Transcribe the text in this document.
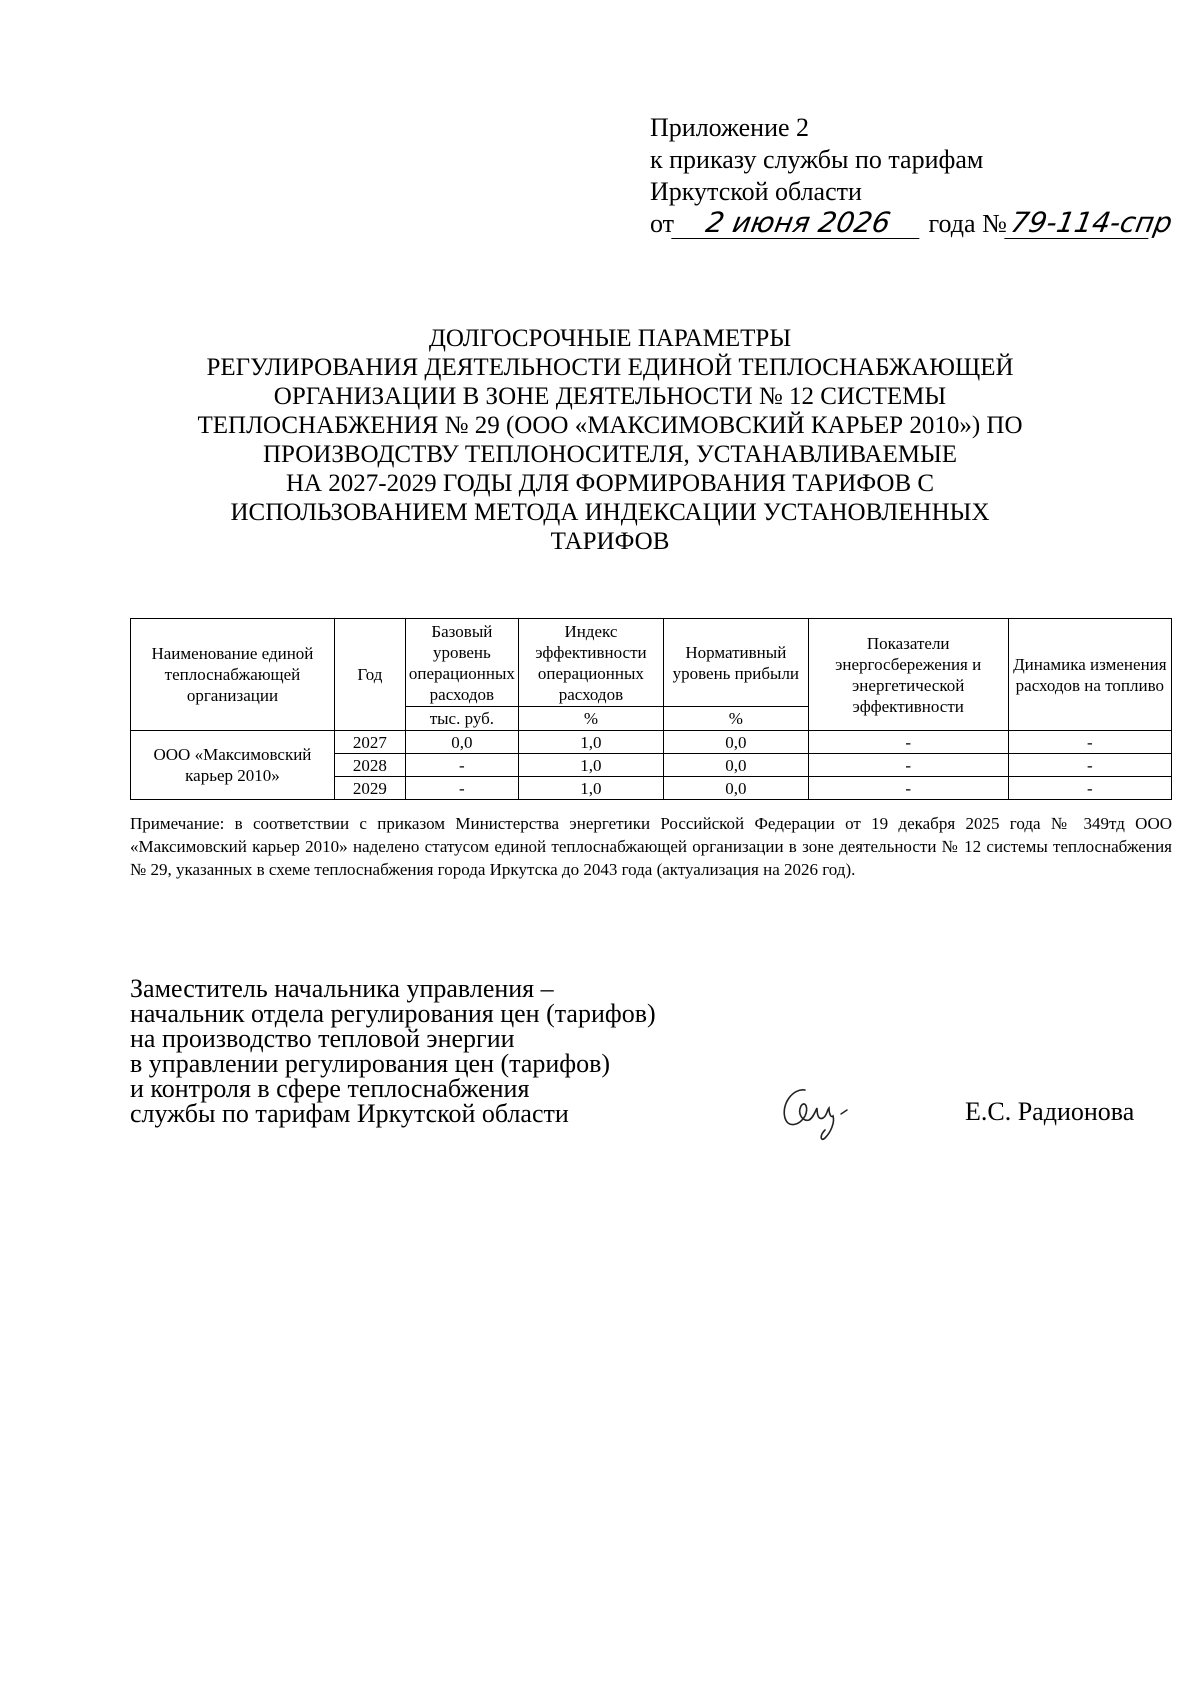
Приложение 2
к приказу службы по тарифам
Иркутской области
от 2 июня 2026 года №79-114-спр
ДОЛГОСРОЧНЫЕ ПАРАМЕТРЫ
РЕГУЛИРОВАНИЯ ДЕЯТЕЛЬНОСТИ ЕДИНОЙ ТЕПЛОСНАБЖАЮЩЕЙ
ОРГАНИЗАЦИИ В ЗОНЕ ДЕЯТЕЛЬНОСТИ № 12 СИСТЕМЫ
ТЕПЛОСНАБЖЕНИЯ № 29 (ООО «МАКСИМОВСКИЙ КАРЬЕР 2010») ПО
ПРОИЗВОДСТВУ ТЕПЛОНОСИТЕЛЯ, УСТАНАВЛИВАЕМЫЕ
НА 2027-2029 ГОДЫ ДЛЯ ФОРМИРОВАНИЯ ТАРИФОВ С
ИСПОЛЬЗОВАНИЕМ МЕТОДА ИНДЕКСАЦИИ УСТАНОВЛЕННЫХ
ТАРИФОВ
Наименование единой теплоснабжающей организации	Год	Базовый уровень операционных расходов	Индекс эффективности операционных расходов	Нормативный уровень прибыли	Показатели энергосбережения и энергетической эффективности	Динамика изменения расходов на топливо
		тыс. руб.	%	%		
ООО «Максимовский карьер 2010»	2027	0,0	1,0	0,0	-	-
	2028	-	1,0	0,0	-	-
	2029	-	1,0	0,0	-	-
Примечание: в соответствии с приказом Министерства энергетики Российской Федерации от 19 декабря 2025 года № 349тд ООО «Максимовский карьер 2010» наделено статусом единой теплоснабжающей организации в зоне деятельности № 12 системы теплоснабжения № 29, указанных в схеме теплоснабжения города Иркутска до 2043 года (актуализация на 2026 год).
Заместитель начальника управления –
начальник отдела регулирования цен (тарифов)
на производство тепловой энергии
в управлении регулирования цен (тарифов)
и контроля в сфере теплоснабжения
службы по тарифам Иркутской области	Е.С. Радионова
